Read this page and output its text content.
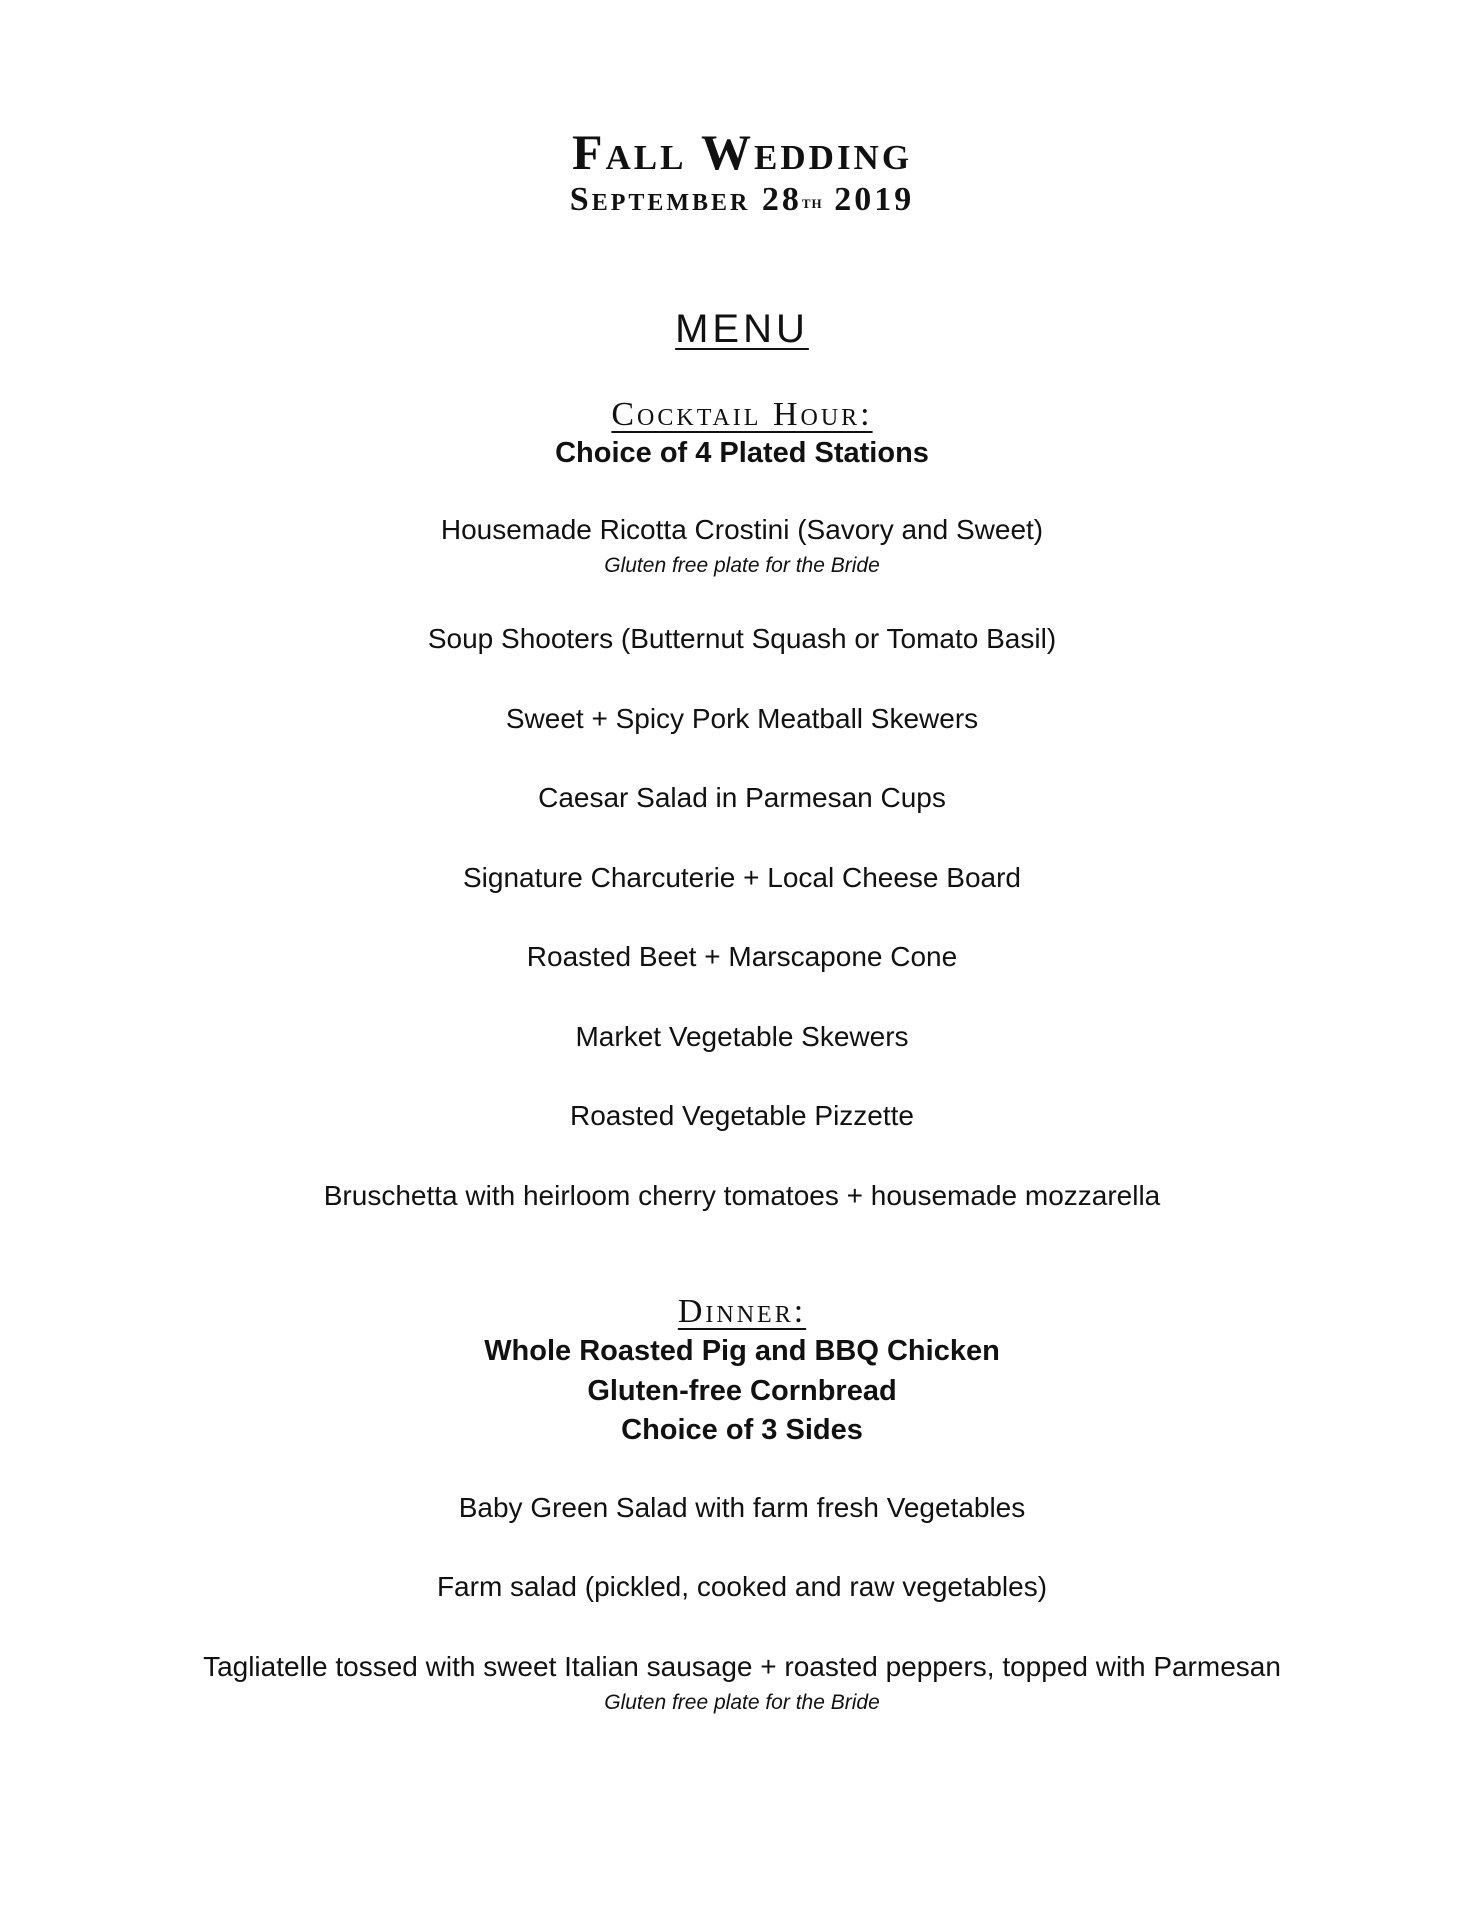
Fall Wedding
September 28th 2019
MENU
Cocktail Hour:
Choice of 4 Plated Stations
Housemade Ricotta Crostini (Savory and Sweet)
Gluten free plate for the Bride
Soup Shooters (Butternut Squash or Tomato Basil)
Sweet + Spicy Pork Meatball Skewers
Caesar Salad in Parmesan Cups
Signature Charcuterie + Local Cheese Board
Roasted Beet + Marscapone Cone
Market Vegetable Skewers
Roasted Vegetable Pizzette
Bruschetta with heirloom cherry tomatoes + housemade mozzarella
Dinner:
Whole Roasted Pig and BBQ Chicken
Gluten-free Cornbread
Choice of 3 Sides
Baby Green Salad with farm fresh Vegetables
Farm salad (pickled, cooked and raw vegetables)
Tagliatelle tossed with sweet Italian sausage + roasted peppers, topped with Parmesan
Gluten free plate for the Bride
